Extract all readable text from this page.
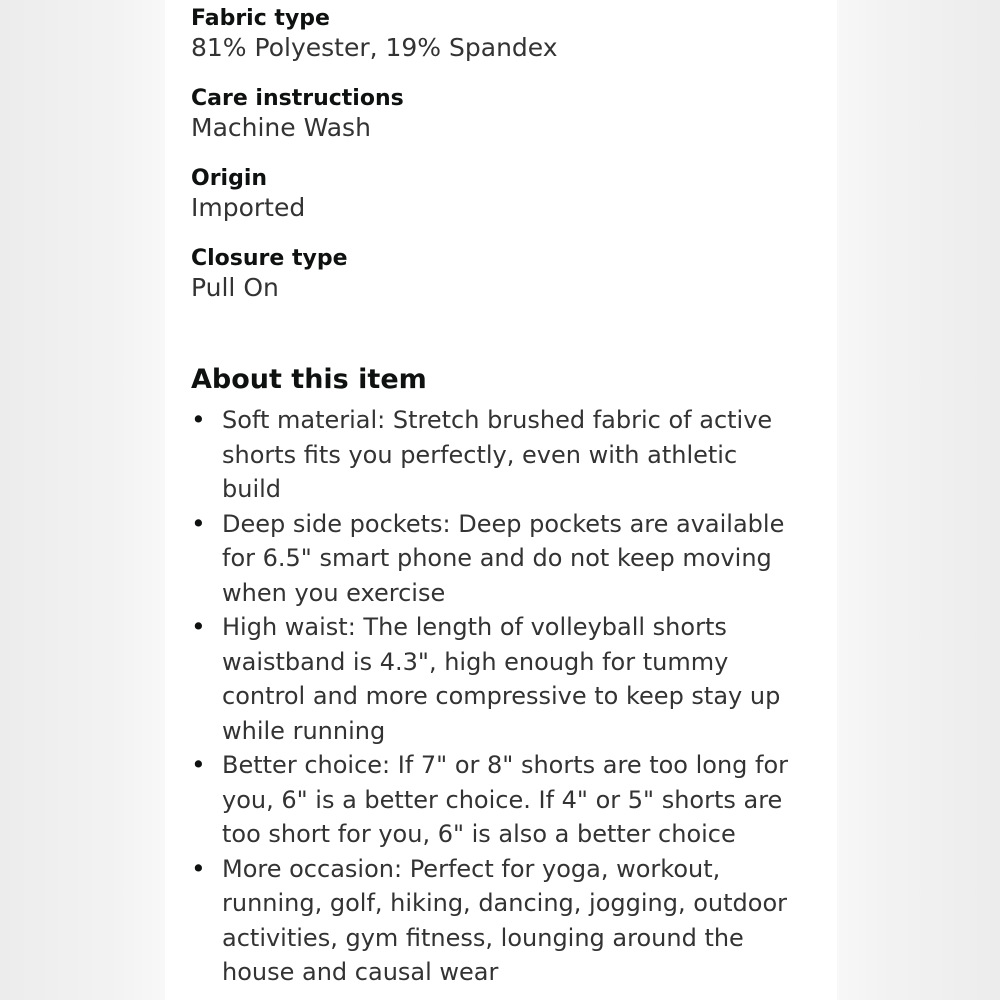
Fabric type
81% Polyester, 19% Spandex
Care instructions
Machine Wash
Origin
Imported
Closure type
Pull On
About this item
• Soft material: Stretch brushed fabric of active
shorts fits you perfectly, even with athletic
build
• Deep side pockets: Deep pockets are available
for 6.5" smart phone and do not keep moving
when you exercise
• High waist: The length of volleyball shorts
waistband is 4.3", high enough for tummy
control and more compressive to keep stay up
while running
• Better choice: If 7" or 8" shorts are too long for
you, 6" is a better choice. If 4" or 5" shorts are
too short for you, 6" is also a better choice
• More occasion: Perfect for yoga, workout,
running, golf, hiking, dancing, jogging, outdoor
activities, gym fitness, lounging around the
house and causal wear
